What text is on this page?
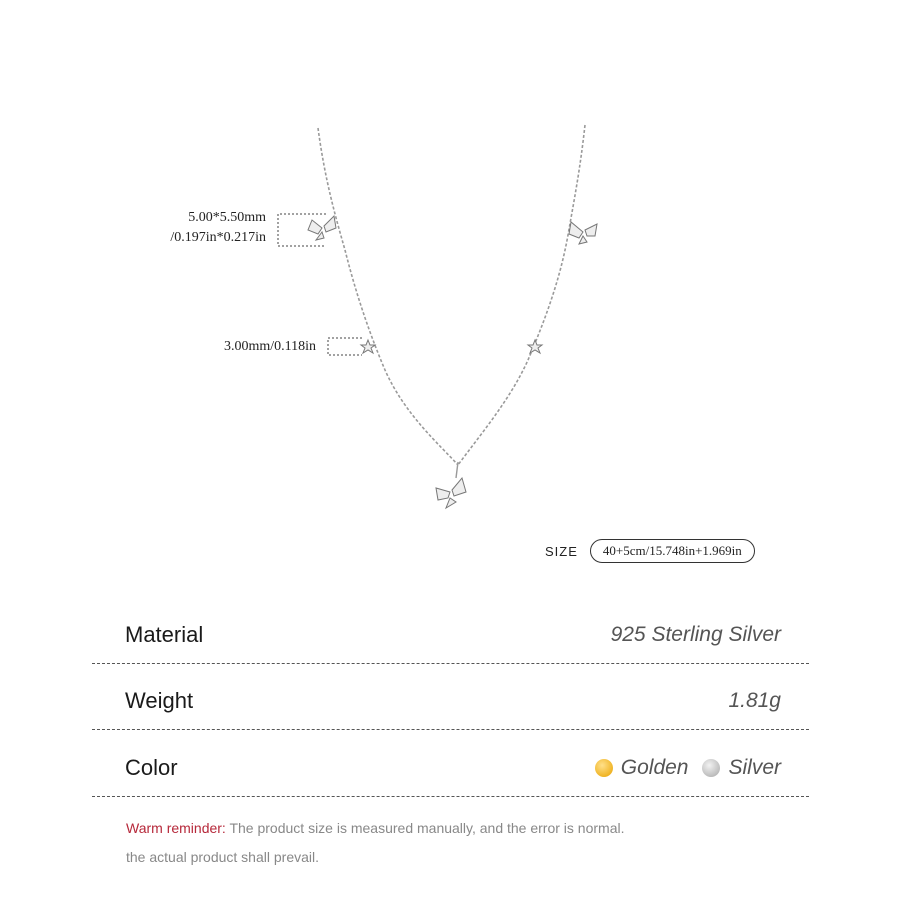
5.00*5.50mm
/0.197in*0.217in
3.00mm/0.118in
SIZE	40+5cm/15.748in+1.969in
Material	925 Sterling Silver
Weight	1.81g
Color	Golden Silver
Warm reminder: The product size is measured manually, and the error is normal.
the actual product shall prevail.
